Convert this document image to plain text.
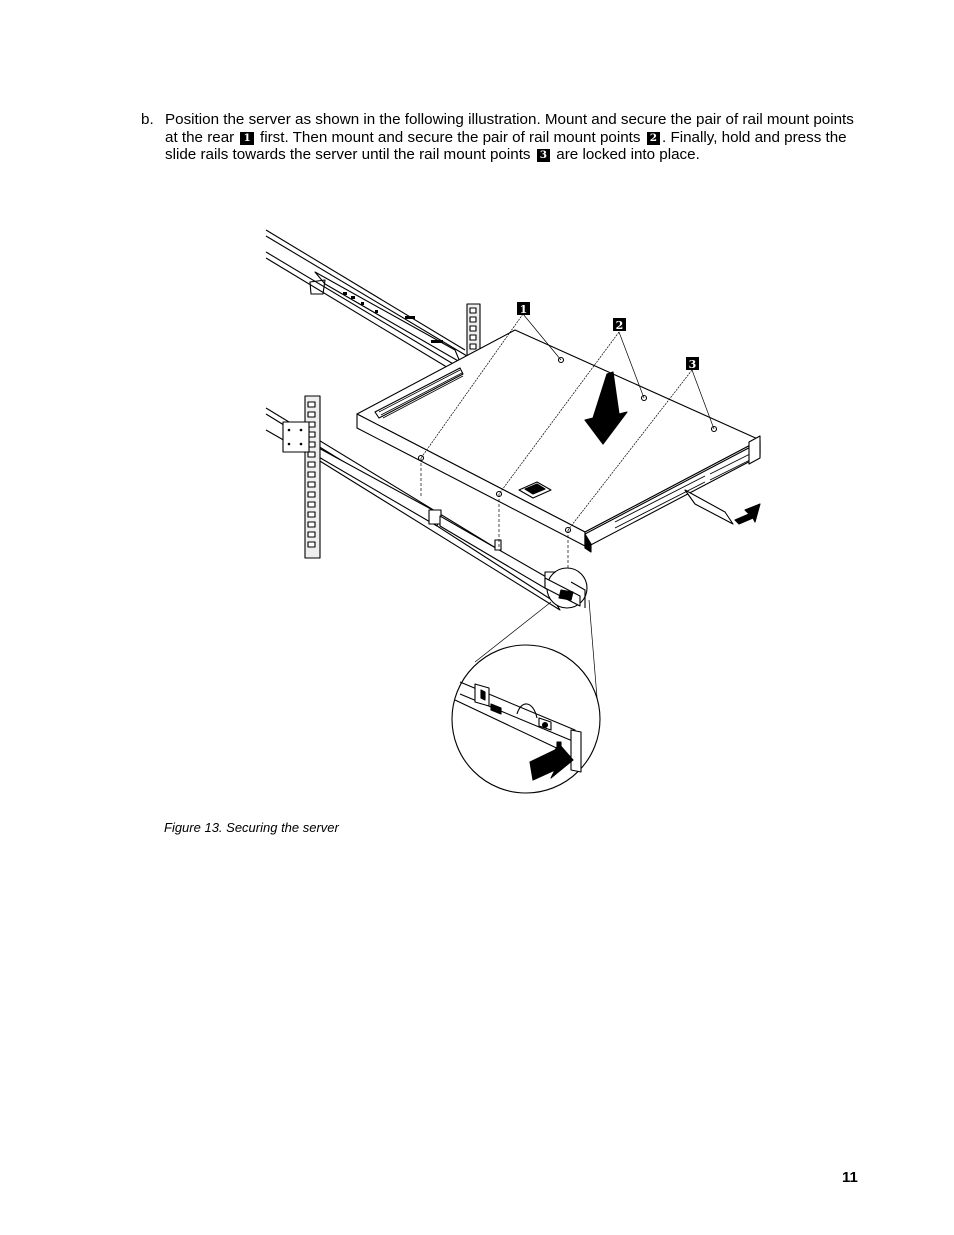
b. Position the server as shown in the following illustration. Mount and secure the pair of rail mount points at the rear 1 first. Then mount and secure the pair of rail mount points 2 . Finally, hold and press the slide rails towards the server until the rail mount points 3 are locked into place.
1
2
3
Figure 13. Securing the server
11
